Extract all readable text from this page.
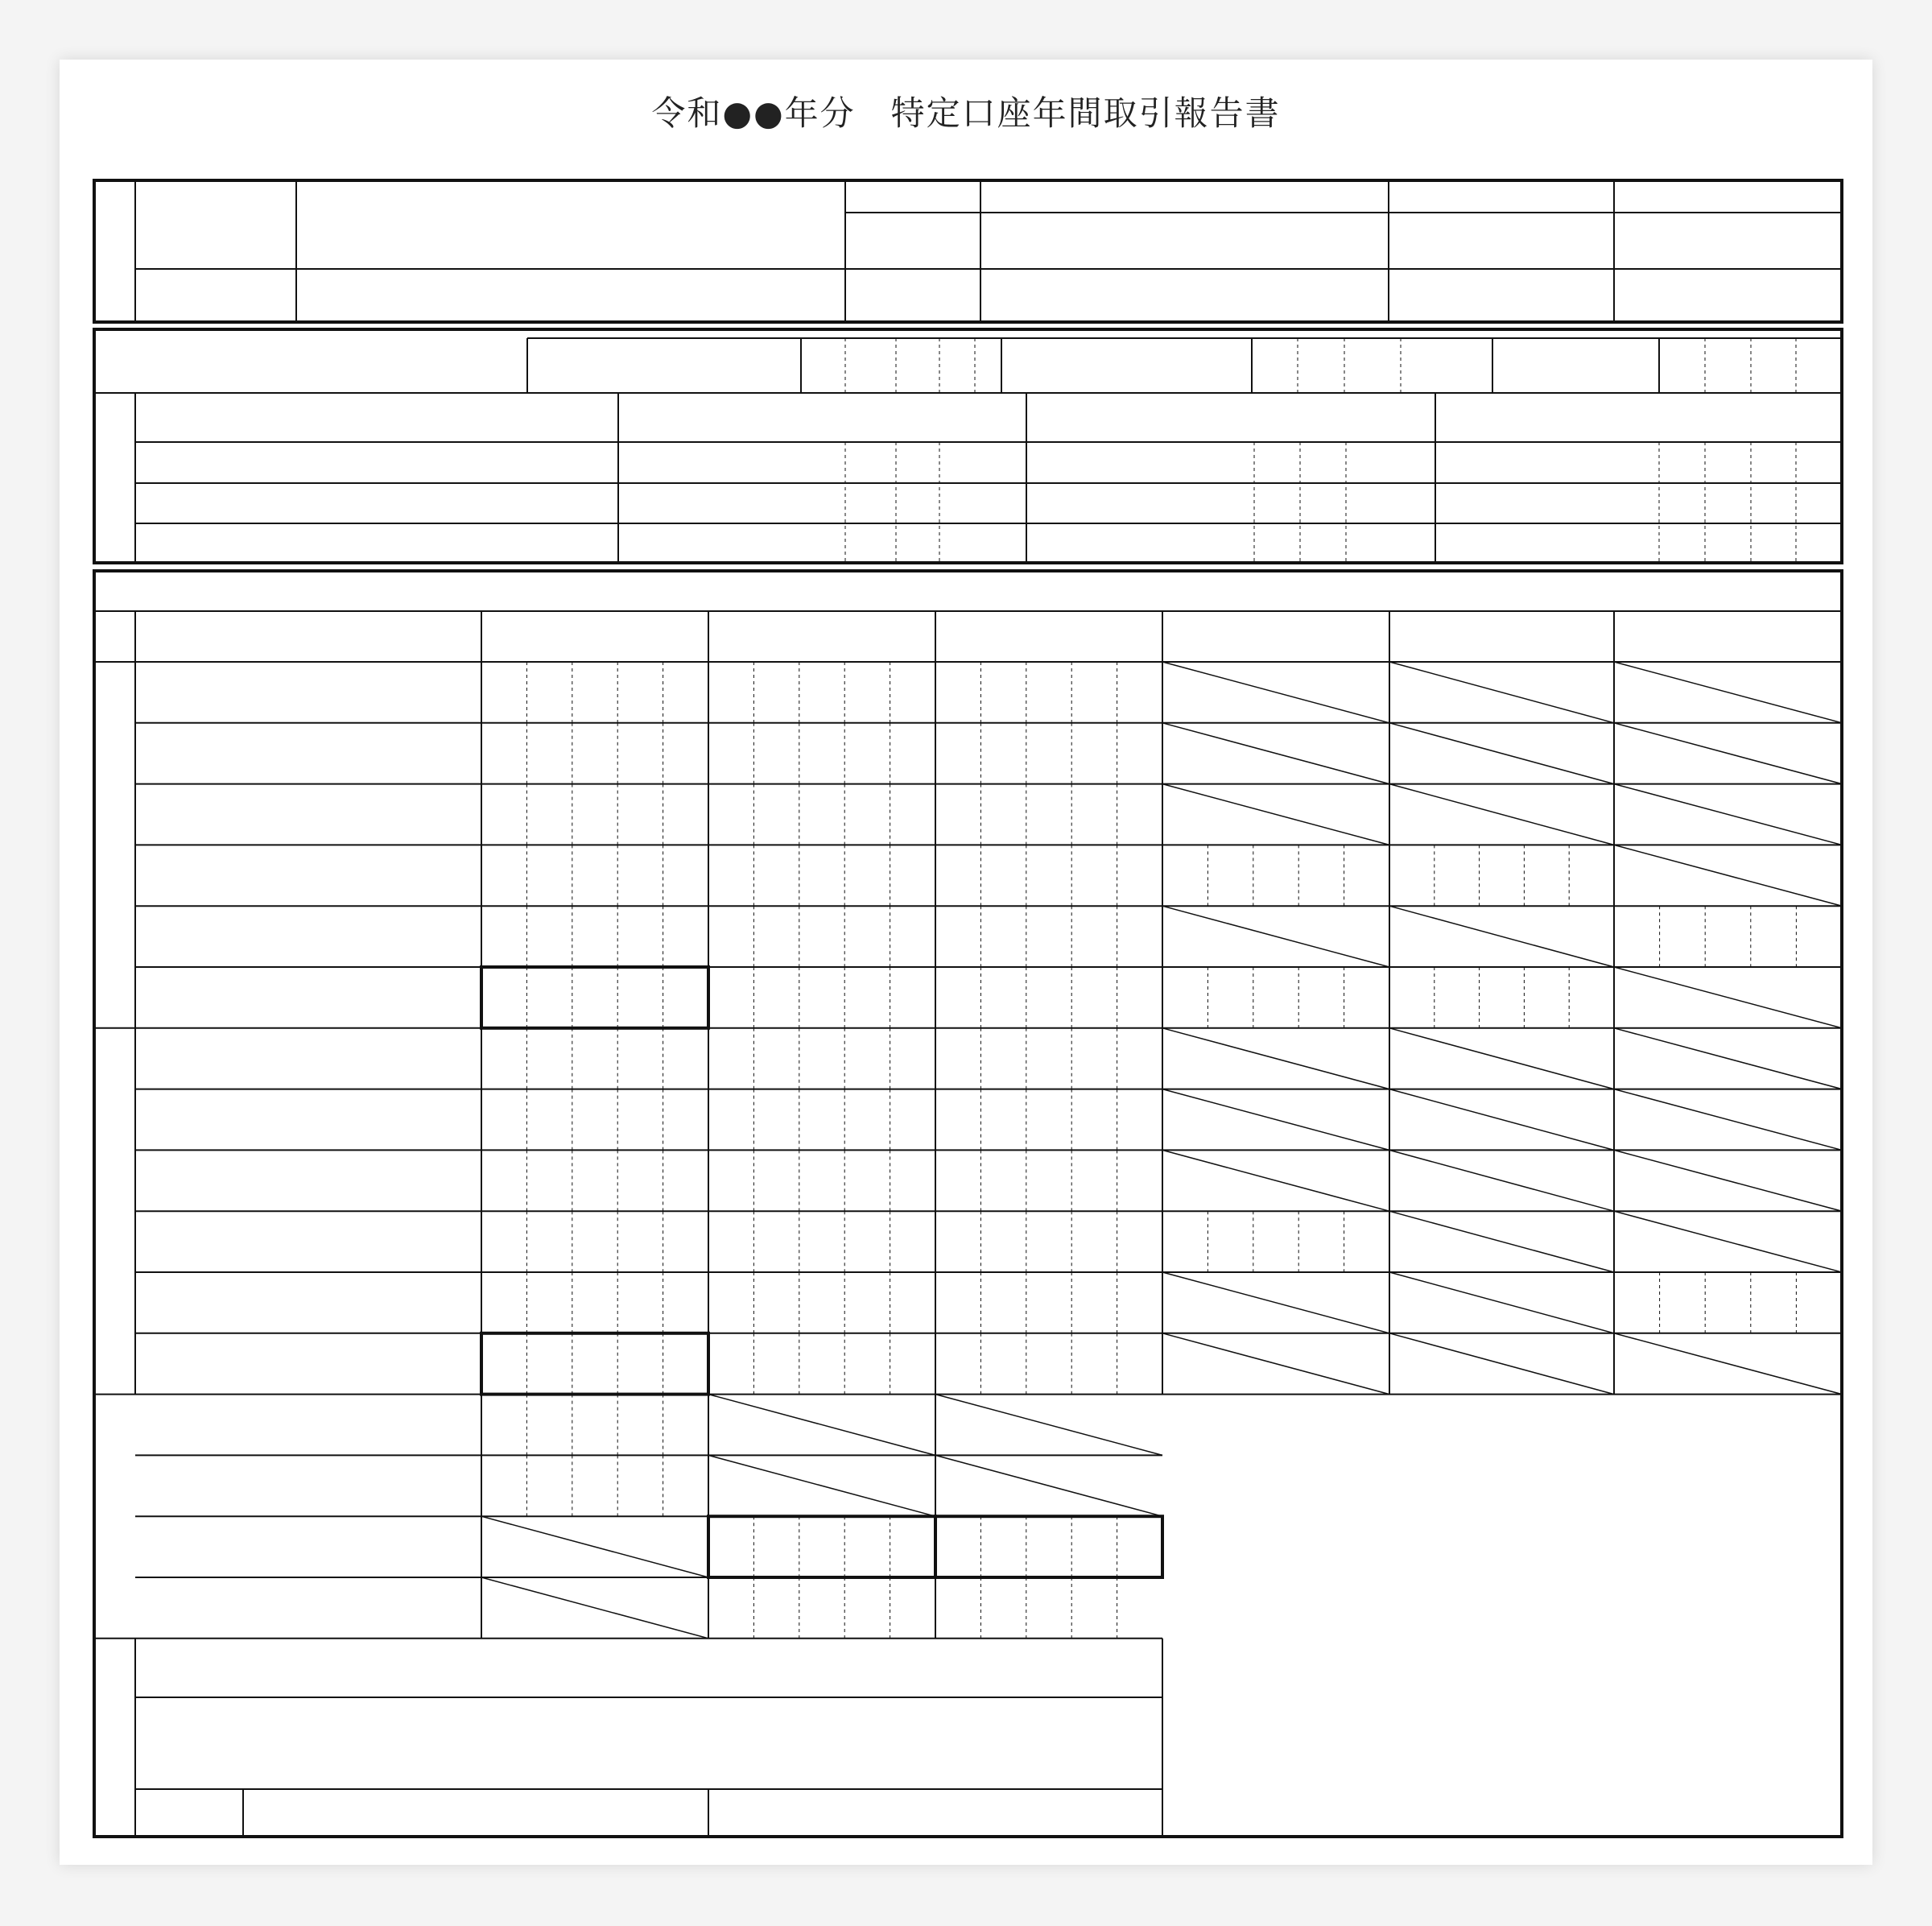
令和●●年分　特定口座年間取引報告書
